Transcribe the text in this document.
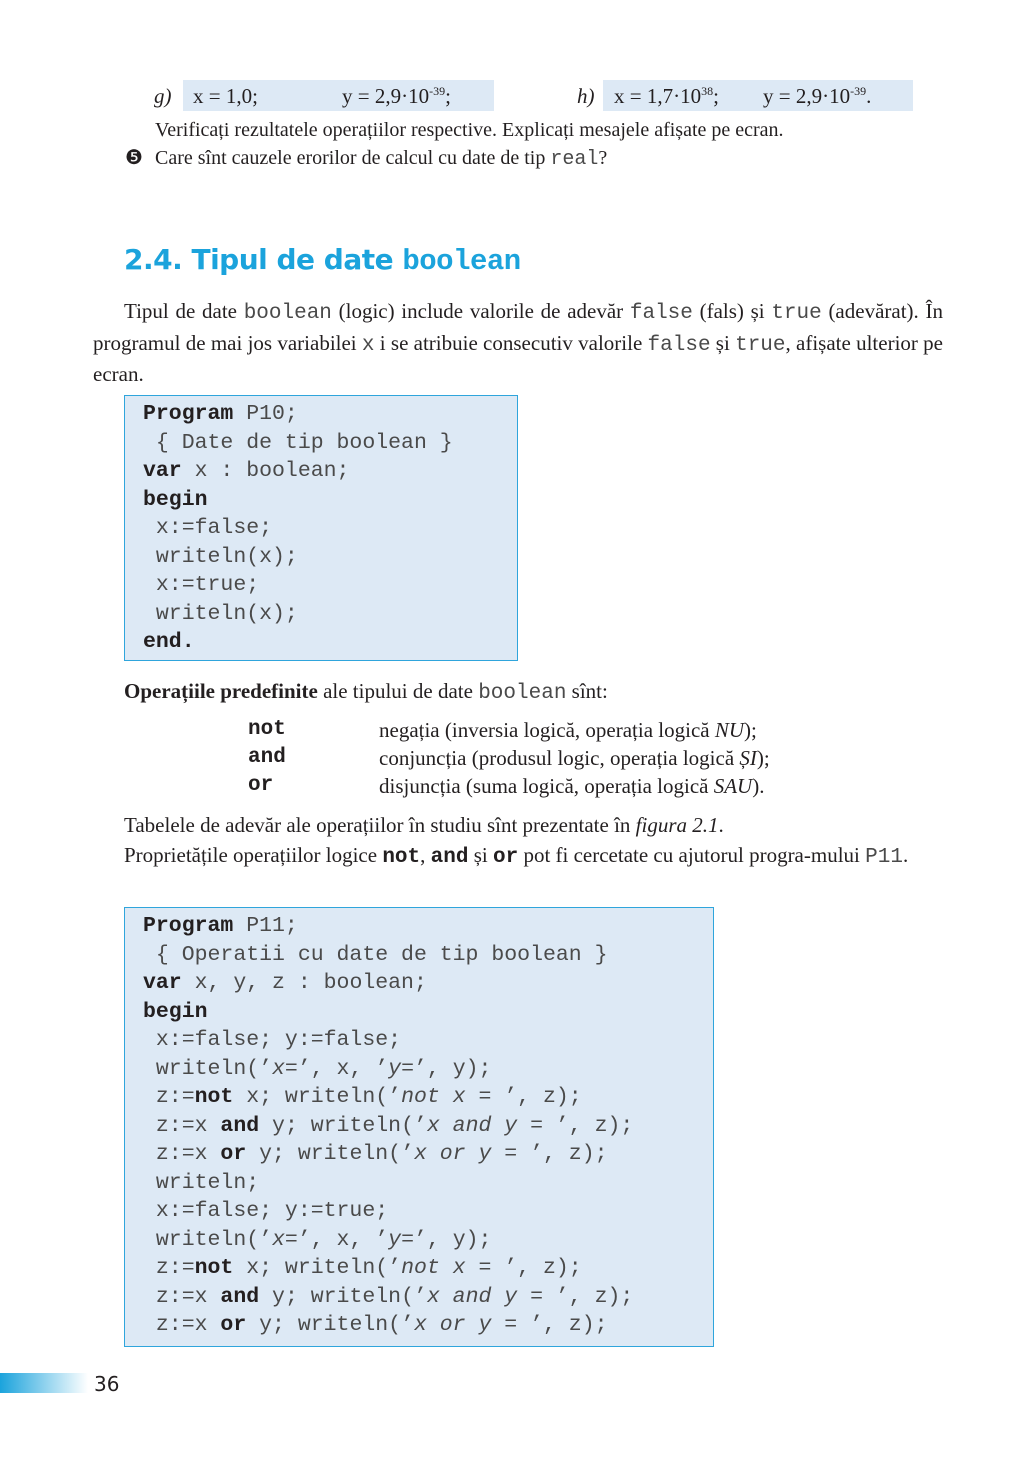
g) x = 1,0;	$y = 2,9\cdot 10^{-39}$;	h) $x = 1,7\cdot 10^{38}$; $y = 2,9\cdot 10^{-39}$.
Verificați rezultatele operațiilor respective. Explicați mesajele afișate pe ecran.
❺ Care sînt cauzele erorilor de calcul cu date de tip real?
2.4. Tipul de date boolean
Tipul de date boolean (logic) include valorile de adevăr false (fals) și true (adevărat). În programul de mai jos variabilei x i se atribuie consecutiv valorile false și true, afișate ulterior pe ecran.
Program P10;
{ Date de tip boolean }
var x : boolean;
begin
x:=false;
writeln(x);
x:=true;
writeln(x);
end.
Operațiile predefinite ale tipului de date boolean sînt:
not	negația (inversia logică, operația logică NU);
and	conjuncția (produsul logic, operația logică ȘI);
or	disjuncția (suma logică, operația logică SAU).
Tabelele de adevăr ale operațiilor în studiu sînt prezentate în figura 2.1.
Proprietățile operațiilor logice not, and și or pot fi cercetate cu ajutorul progra-mului P11.
Program P11;
{ Operatii cu date de tip boolean }
var x, y, z : boolean;
begin
x:=false; y:=false;
writeln(’x=’, x, ’y=’, y);
z:=not x; writeln(’not x = ’, z);
z:=x and y; writeln(’x and y = ’, z);
z:=x or y; writeln(’x or y = ’, z);
writeln;
x:=false; y:=true;
writeln(’x=’, x, ’y=’, y);
z:=not x; writeln(’not x = ’, z);
z:=x and y; writeln(’x and y = ’, z);
z:=x or y; writeln(’x or y = ’, z);
36
